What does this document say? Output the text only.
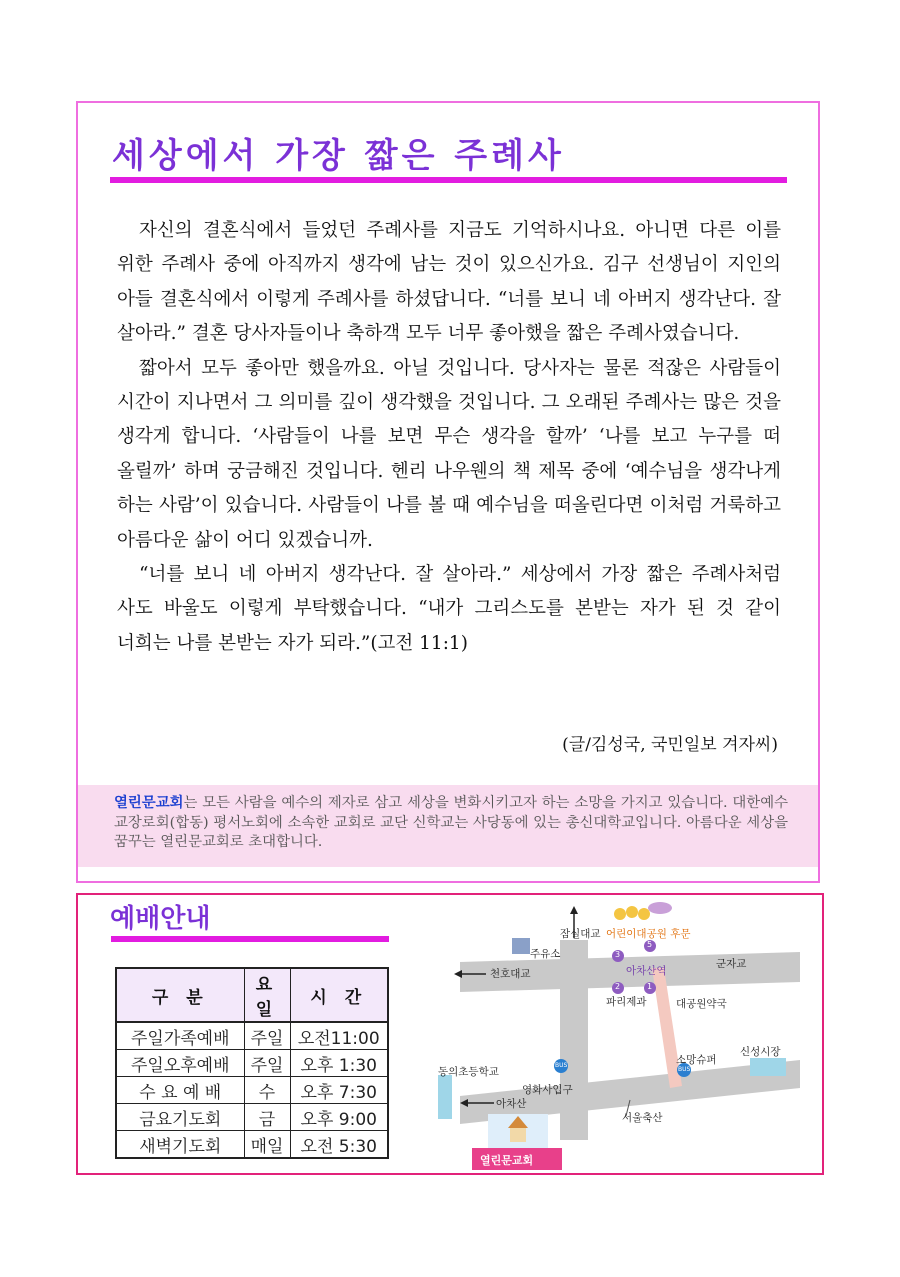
세상에서 가장 짧은 주례사

자신의 결혼식에서 들었던 주례사를 지금도 기억하시나요. 아니면 다른 이를 위한 주례사 중에 아직까지 생각에 남는 것이 있으신가요. 김구 선생님이 지인의 아들 결혼식에서 이렇게 주례사를 하셨답니다. “너를 보니 네 아버지 생각난다. 잘 살아라.” 결혼 당사자들이나 축하객 모두 너무 좋아했을 짧은 주례사였습니다.

짧아서 모두 좋아만 했을까요. 아닐 것입니다. 당사자는 물론 적잖은 사람들이 시간이 지나면서 그 의미를 깊이 생각했을 것입니다. 그 오래된 주례사는 많은 것을 생각게 합니다. ‘사람들이 나를 보면 무슨 생각을 할까’ ‘나를 보고 누구를 떠 올릴까’ 하며 궁금해진 것입니다. 헨리 나우웬의 책 제목 중에 ‘예수님을 생각나게 하는 사람’이 있습니다. 사람들이 나를 볼 때 예수님을 떠올린다면 이처럼 거룩하고 아름다운 삶이 어디 있겠습니까.

“너를 보니 네 아버지 생각난다. 잘 살아라.” 세상에서 가장 짧은 주례사처럼 사도 바울도 이렇게 부탁했습니다. “내가 그리스도를 본받는 자가 된 것 같이 너희는 나를 본받는 자가 되라.”(고전 11:1)

(글/김성국, 국민일보 겨자씨)
열린문교회는 모든 사람을 예수의 제자로 삼고 세상을 변화시키고자 하는 소망을 가지고 있습니다. 대한예수교장로회(합동) 평서노회에 소속한 교회로 교단 신학교는 사당동에 있는 총신대학교입니다. 아름다운 세상을 꿈꾸는 열린문교회로 초대합니다.
예배안내
구 분	요일	시 간
주일가족예배	주일	오전11:00
주일오후예배	주일	오후 1:30
수 요 예 배	수	오후 7:30
금요기도회	금	오후 9:00
새벽기도회	매일	오전 5:30
잠실대교 어린이대공원 후문
주유소
천호대교	아차산역
군자교
파리제과	대공원약국
신성시장
소망슈퍼
동의초등학교
영화사입구
아차산
서울축산
열린문교회
BUS
BUS
5
3
2	1
